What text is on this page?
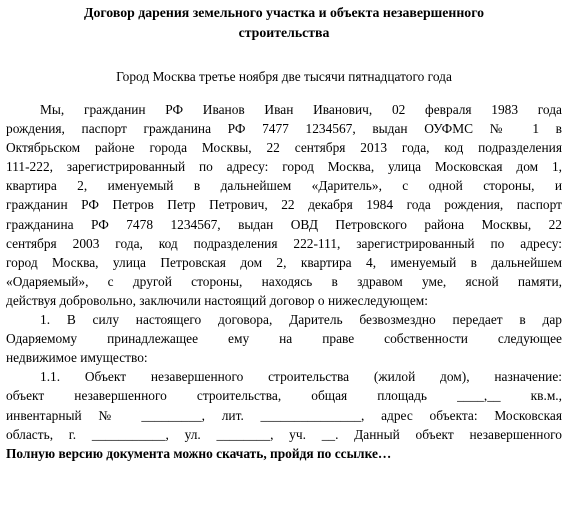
Договор дарения земельного участка и объекта незавершенного
строительства

Город Москва третье ноября две тысячи пятнадцатого года

Мы, гражданин РФ Иванов Иван Иванович, 02 февраля 1983 года
рождения, паспорт гражданина РФ 7477 1234567, выдан ОУФМС № 1 в
Октябрьском районе города Москвы, 22 сентября 2013 года, код подразделения
111-222, зарегистрированный по адресу: город Москва, улица Московская дом 1,
квартира 2, именуемый в дальнейшем «Даритель», с одной стороны, и
гражданин РФ Петров Петр Петрович, 22 декабря 1984 года рождения, паспорт
гражданина РФ 7478 1234567, выдан ОВД Петровского района Москвы, 22
сентября 2003 года, код подразделения 222-111, зарегистрированный по адресу:
город Москва, улица Петровская дом 2, квартира 4, именуемый в дальнейшем
«Одаряемый», с другой стороны, находясь в здравом уме, ясной памяти,
действуя добровольно, заключили настоящий договор о нижеследующем:
1. В силу настоящего договора, Даритель безвозмездно передает в дар
Одаряемому принадлежащее ему на праве собственности следующее
недвижимое имущество:
1.1. Объект незавершенного строительства (жилой дом), назначение:
объект незавершенного строительства, общая площадь ____,__ кв.м.,
инвентарный № _________, лит. _______________, адрес объекта: Московская
область, г. ___________, ул. ________, уч. __. Данный объект незавершенного
Полную версию документа можно скачать, пройдя по ссылке…
